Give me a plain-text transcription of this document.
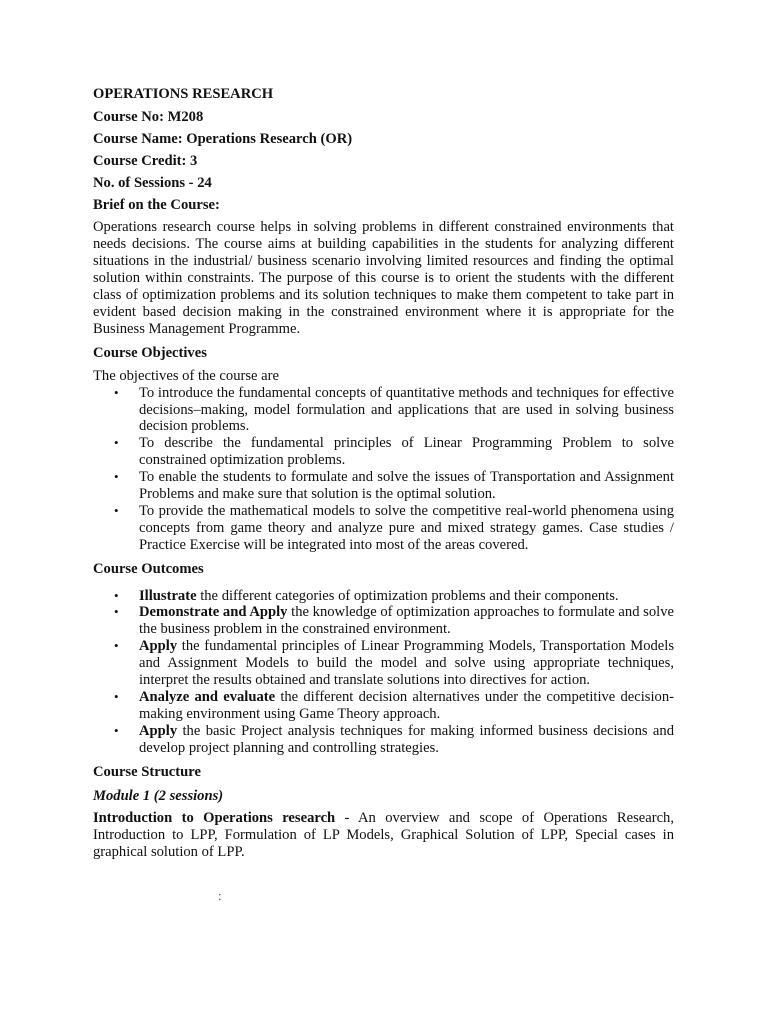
OPERATIONS RESEARCH
Course No: M208
Course Name: Operations Research (OR)
Course Credit: 3
No. of Sessions - 24
Brief on the Course:

Operations research course helps in solving problems in different constrained environments that needs decisions. The course aims at building capabilities in the students for analyzing different situations in the industrial/ business scenario involving limited resources and finding the optimal solution within constraints. The purpose of this course is to orient the students with the different class of optimization problems and its solution techniques to make them competent to take part in evident based decision making in the constrained environment where it is appropriate for the Business Management Programme.

Course Objectives

The objectives of the course are

• To introduce the fundamental concepts of quantitative methods and techniques for effective decisions–making, model formulation and applications that are used in solving business decision problems.
• To describe the fundamental principles of Linear Programming Problem to solve constrained optimization problems.
• To enable the students to formulate and solve the issues of Transportation and Assignment Problems and make sure that solution is the optimal solution.
• To provide the mathematical models to solve the competitive real-world phenomena using concepts from game theory and analyze pure and mixed strategy games. Case studies / Practice Exercise will be integrated into most of the areas covered.
Course Outcomes
• Illustrate the different categories of optimization problems and their components.
• Demonstrate and Apply the knowledge of optimization approaches to formulate and solve the business problem in the constrained environment.
• Apply the fundamental principles of Linear Programming Models, Transportation Models and Assignment Models to build the model and solve using appropriate techniques, interpret the results obtained and translate solutions into directives for action.
• Analyze and evaluate the different decision alternatives under the competitive decision-making environment using Game Theory approach.
• Apply the basic Project analysis techniques for making informed business decisions and develop project planning and controlling strategies.
Course Structure
Module 1 (2 sessions)

Introduction to Operations research - An overview and scope of Operations Research, Introduction to LPP, Formulation of LP Models, Graphical Solution of LPP, Special cases in graphical solution of LPP.

:
